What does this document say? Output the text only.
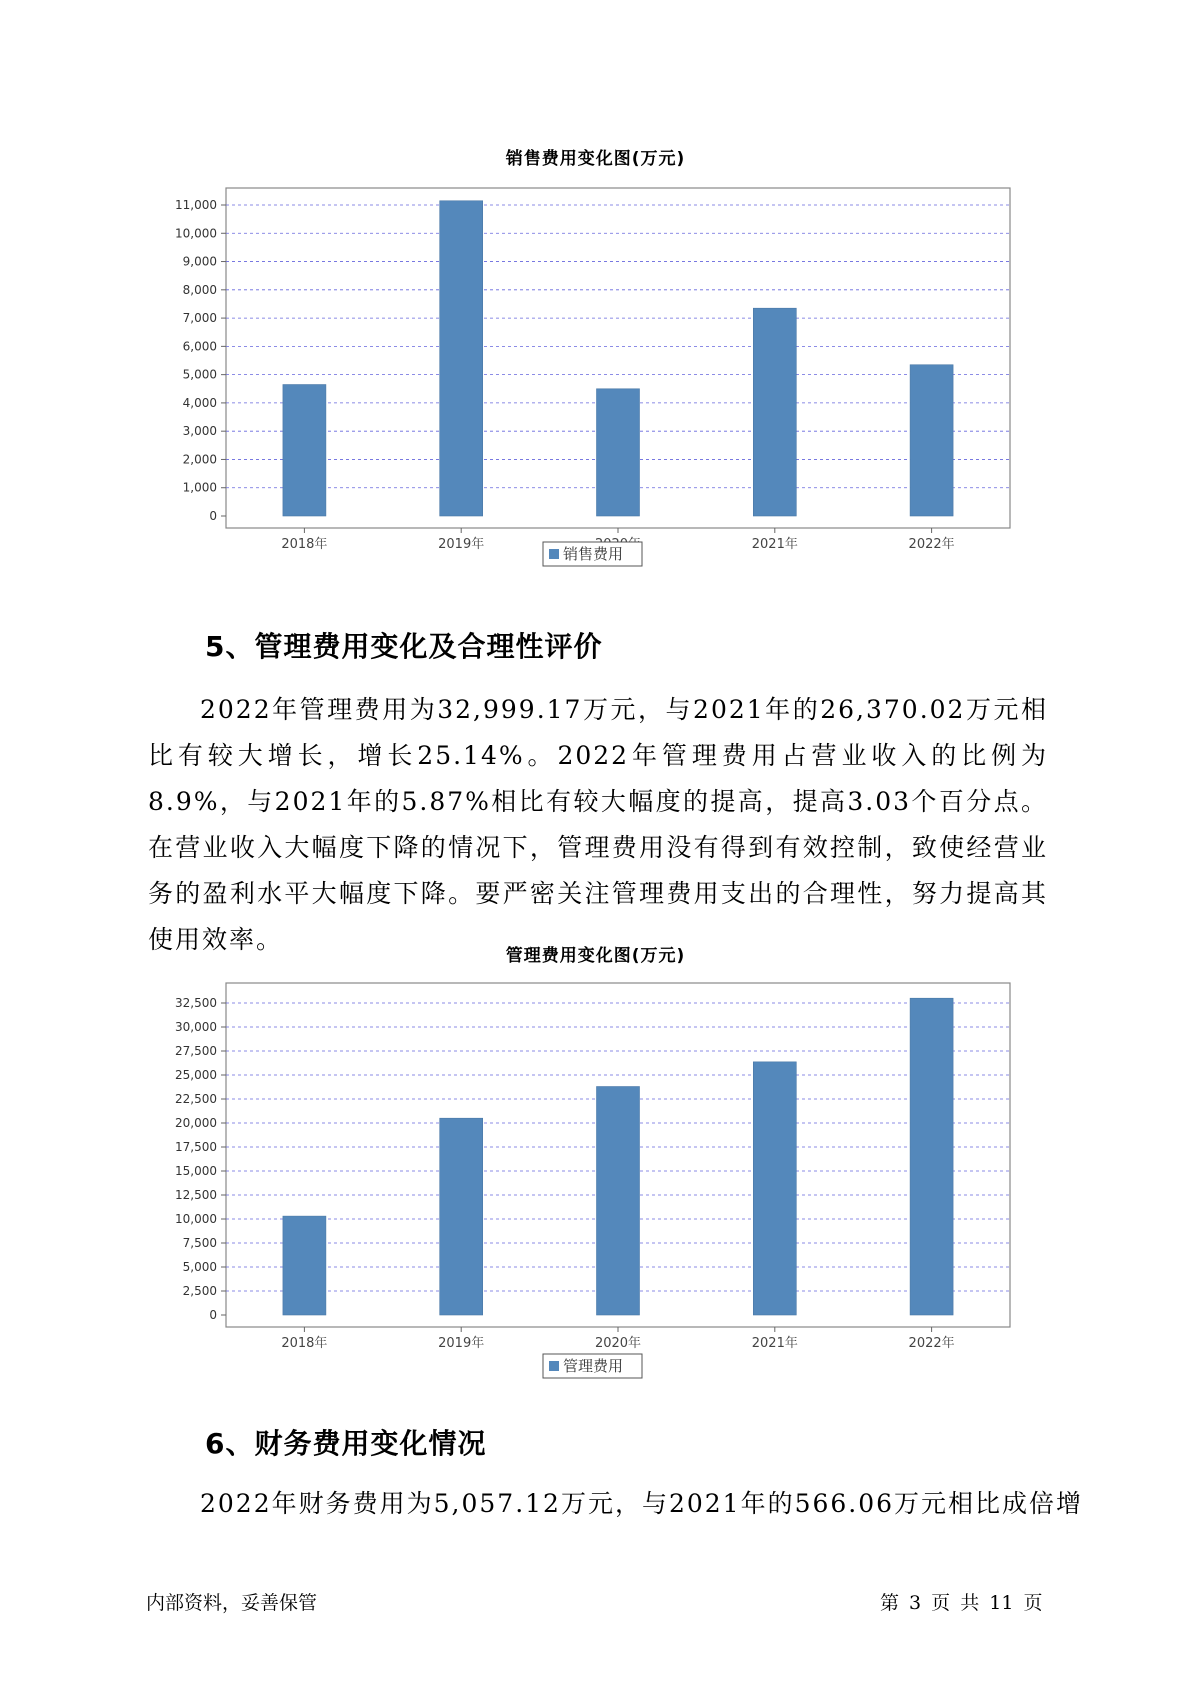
销售费用变化图(万元)
0
1,000
2,000
3,000
4,000
5,000
6,000
7,000
8,000
9,000
10,000
11,000
2018年	2019年	2021年	2022年
销售费用
5、管理费用变化及合理性评价
2022年管理费用为32,999.17万元，与2021年的26,370.02万元相比有较大增长，增长25.14%。2022年管理费用占营业收入的比例为8.9%，与2021年的5.87%相比有较大幅度的提高，提高3.03个百分点。在营业收入大幅度下降的情况下，管理费用没有得到有效控制，致使经营业务的盈利水平大幅度下降。要严密关注管理费用支出的合理性，努力提高其使用效率。
管理费用变化图(万元)
0
2,500
5,000
7,500
10,000
12,500
15,000
17,500
20,000
22,500
25,000
27,500
30,000
32,500
2018年	2019年	2020年	2021年	2022年
管理费用
6、财务费用变化情况
2022年财务费用为5,057.12万元，与2021年的566.06万元相比成倍增
内部资料，妥善保管	第 3 页 共 11 页
